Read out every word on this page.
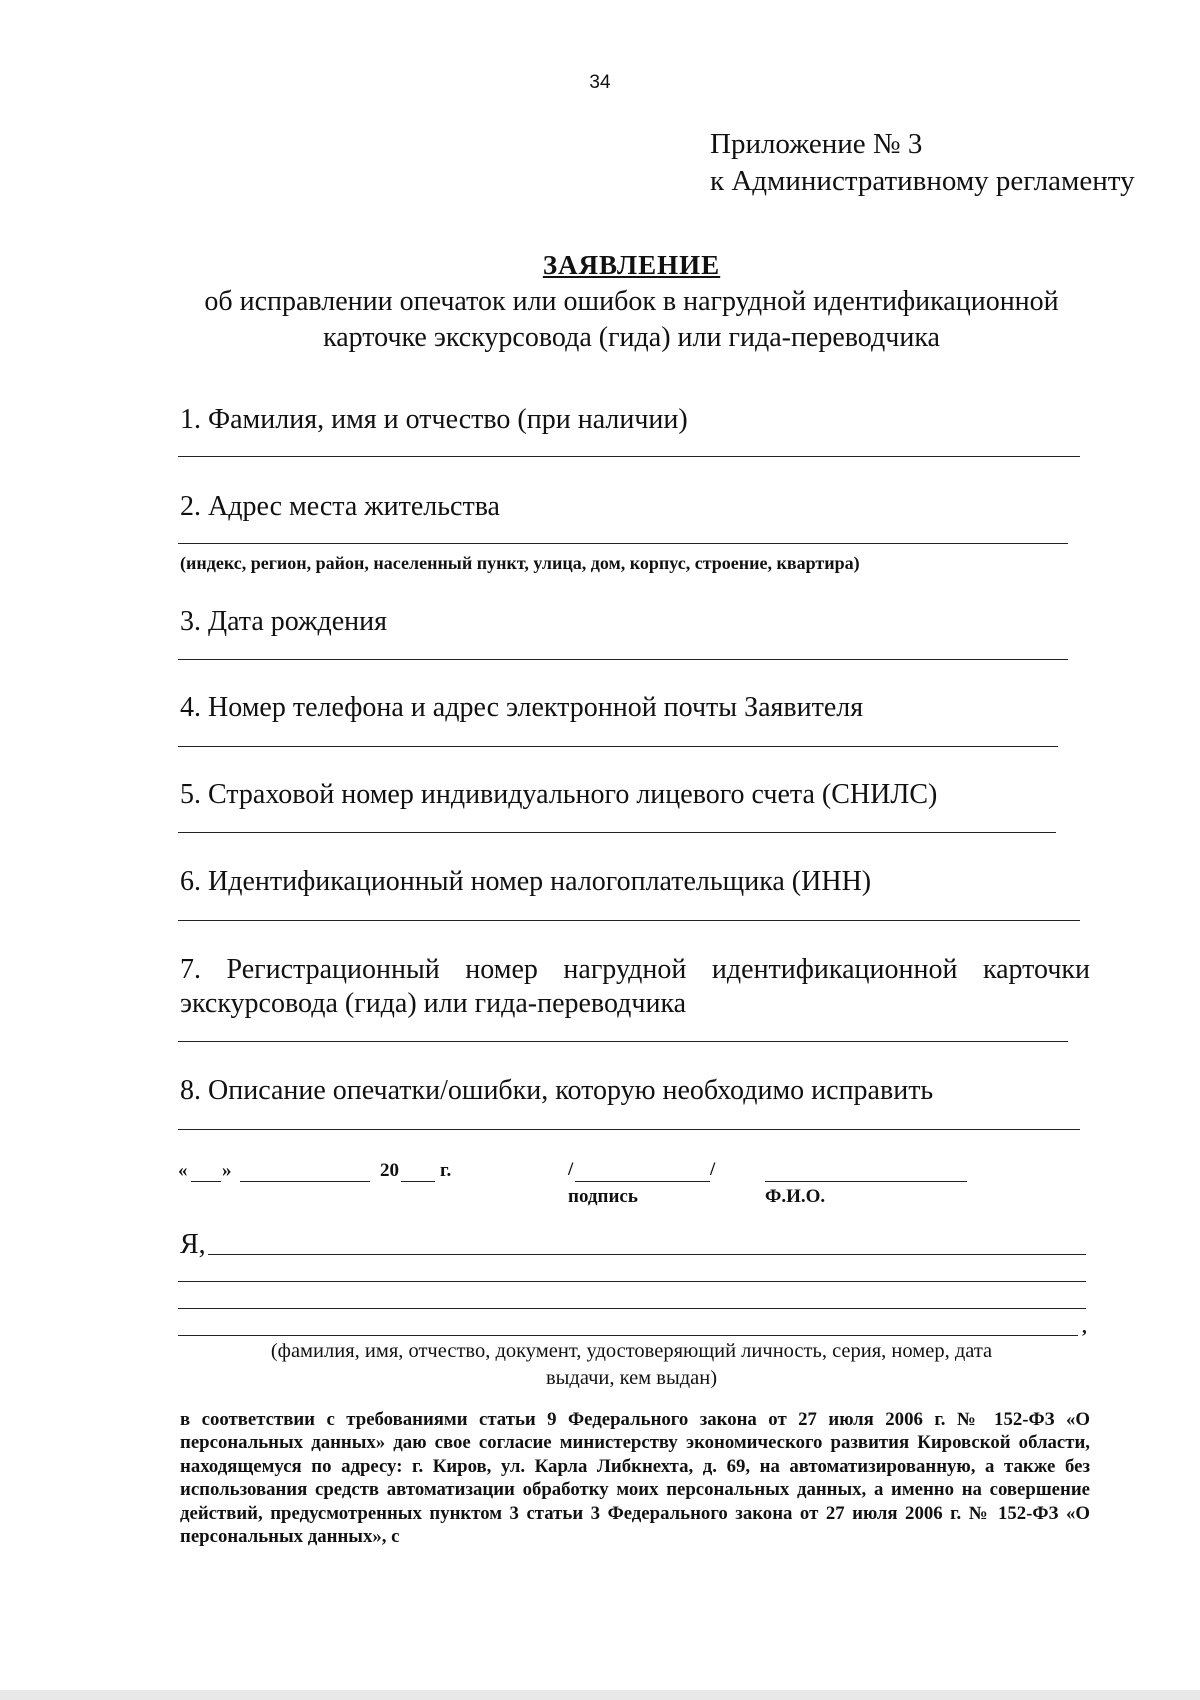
34
Приложение № 3
к Административному регламенту
ЗАЯВЛЕНИЕ
об исправлении опечаток или ошибок в нагрудной идентификационной
карточке экскурсовода (гида) или гида-переводчика
1. Фамилия, имя и отчество (при наличии)
2. Адрес места жительства
(индекс, регион, район, населенный пункт, улица, дом, корпус, строение, квартира)
3. Дата рождения
4. Номер телефона и адрес электронной почты Заявителя
5. Страховой номер индивидуального лицевого счета (СНИЛС)
6. Идентификационный номер налогоплательщика (ИНН)
7. Регистрационный номер нагрудной идентификационной карточки
экскурсовода (гида) или гида-переводчика
8. Описание опечатки/ошибки, которую необходимо исправить
« »	20 г.	/	/
подпись	Ф.И.О.
Я,
,
(фамилия, имя, отчество, документ, удостоверяющий личность, серия, номер, дата
выдачи, кем выдан)
в соответствии с требованиями статьи 9 Федерального закона от 27 июля 2006 г. № 152-ФЗ «О персональных данных» даю свое согласие министерству экономического развития Кировской области, находящемуся по адресу: г. Киров, ул. Карла Либкнехта, д. 69, на автоматизированную, а также без использования средств автоматизации обработку моих персональных данных, а именно на совершение действий, предусмотренных пунктом 3 статьи 3 Федерального закона от 27 июля 2006 г. № 152-ФЗ «О персональных данных», с
